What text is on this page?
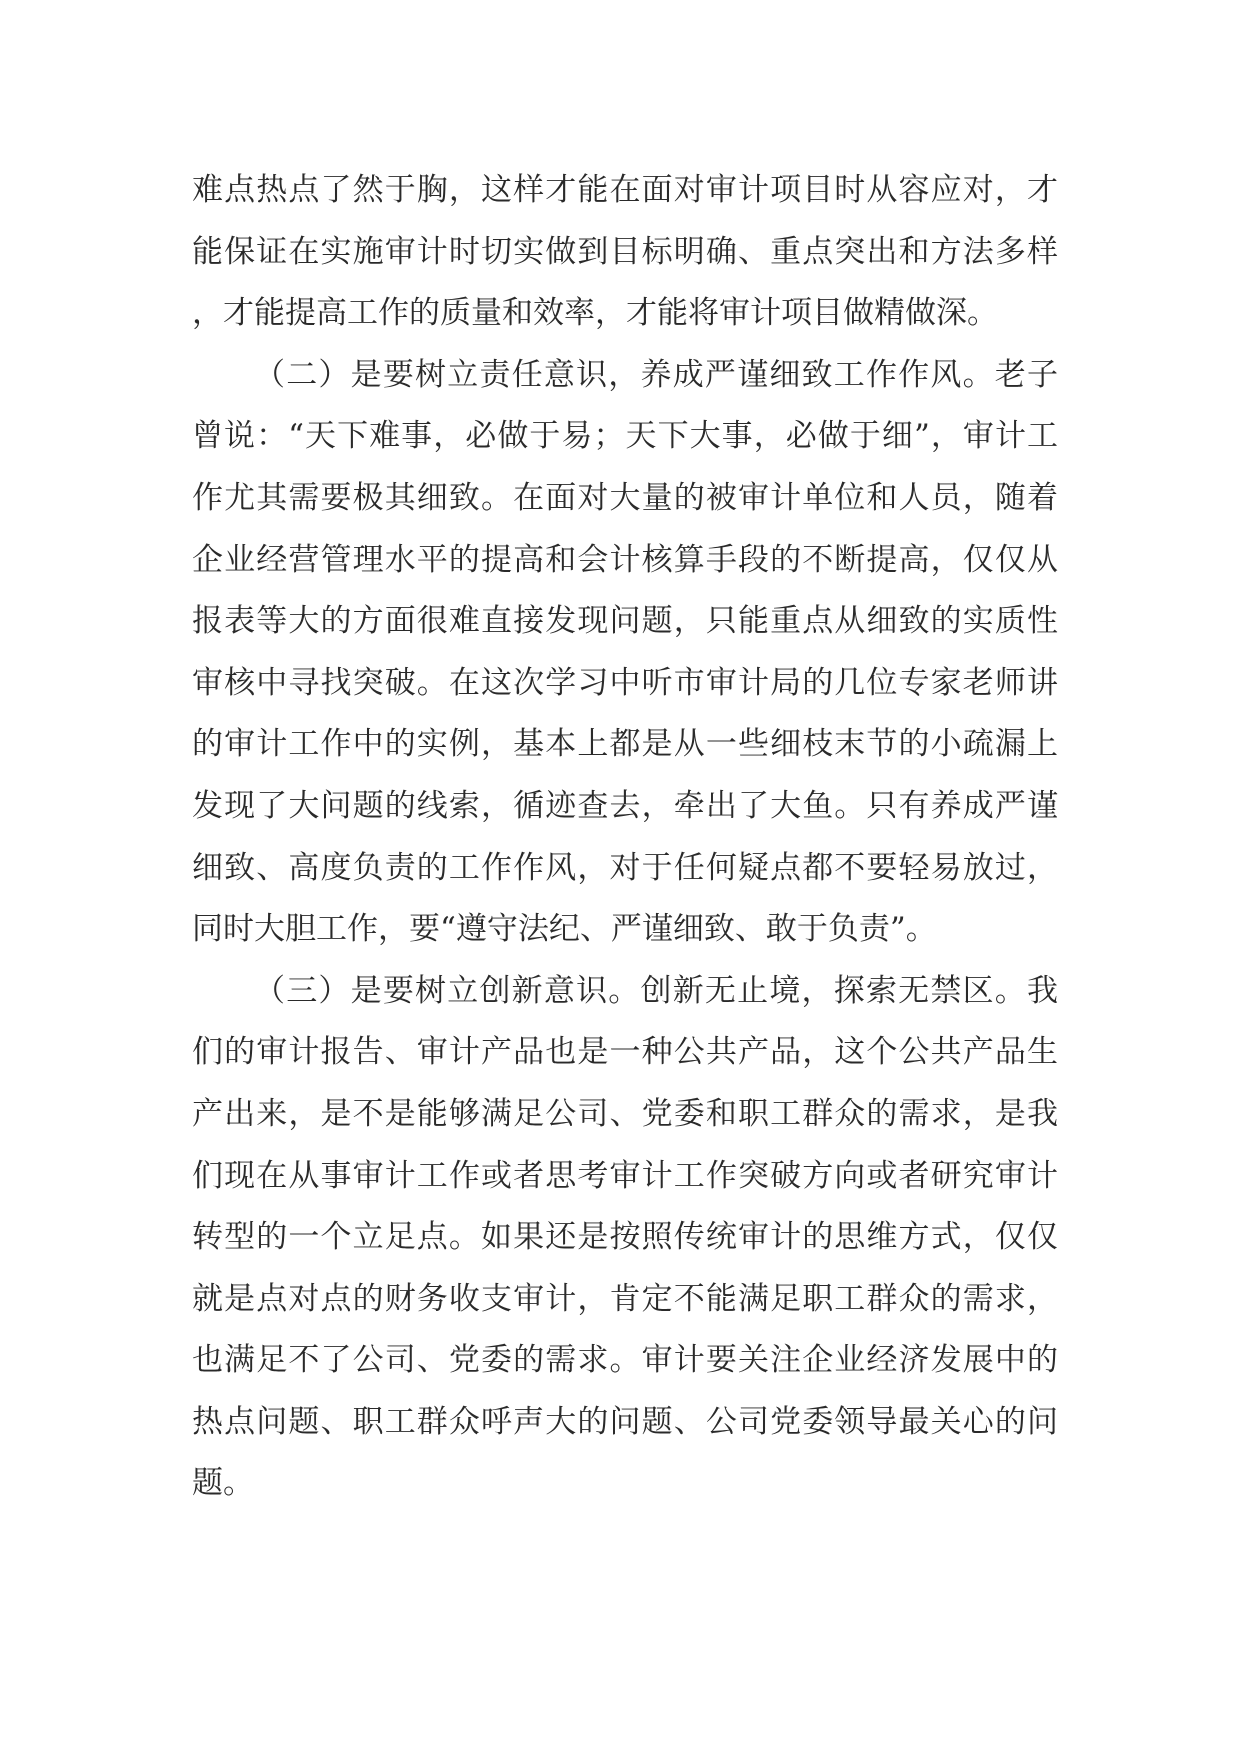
难点热点了然于胸，这样才能在面对审计项目时从容应对，才能保证在实施审计时切实做到目标明确、重点突出和方法多样，才能提高工作的质量和效率，才能将审计项目做精做深。

（二）是要树立责任意识，养成严谨细致工作作风。老子曾说：“天下难事，必做于易；天下大事，必做于细”，审计工作尤其需要极其细致。在面对大量的被审计单位和人员，随着企业经营管理水平的提高和会计核算手段的不断提高，仅仅从报表等大的方面很难直接发现问题，只能重点从细致的实质性审核中寻找突破。在这次学习中听市审计局的几位专家老师讲的审计工作中的实例，基本上都是从一些细枝末节的小疏漏上发现了大问题的线索，循迹查去，牵出了大鱼。只有养成严谨细致、高度负责的工作作风，对于任何疑点都不要轻易放过，同时大胆工作，要“遵守法纪、严谨细致、敢于负责”。

（三）是要树立创新意识。创新无止境，探索无禁区。我们的审计报告、审计产品也是一种公共产品，这个公共产品生产出来，是不是能够满足公司、党委和职工群众的需求，是我们现在从事审计工作或者思考审计工作突破方向或者研究审计转型的一个立足点。如果还是按照传统审计的思维方式，仅仅就是点对点的财务收支审计，肯定不能满足职工群众的需求，也满足不了公司、党委的需求。审计要关注企业经济发展中的热点问题、职工群众呼声大的问题、公司党委领导最关心的问题。
